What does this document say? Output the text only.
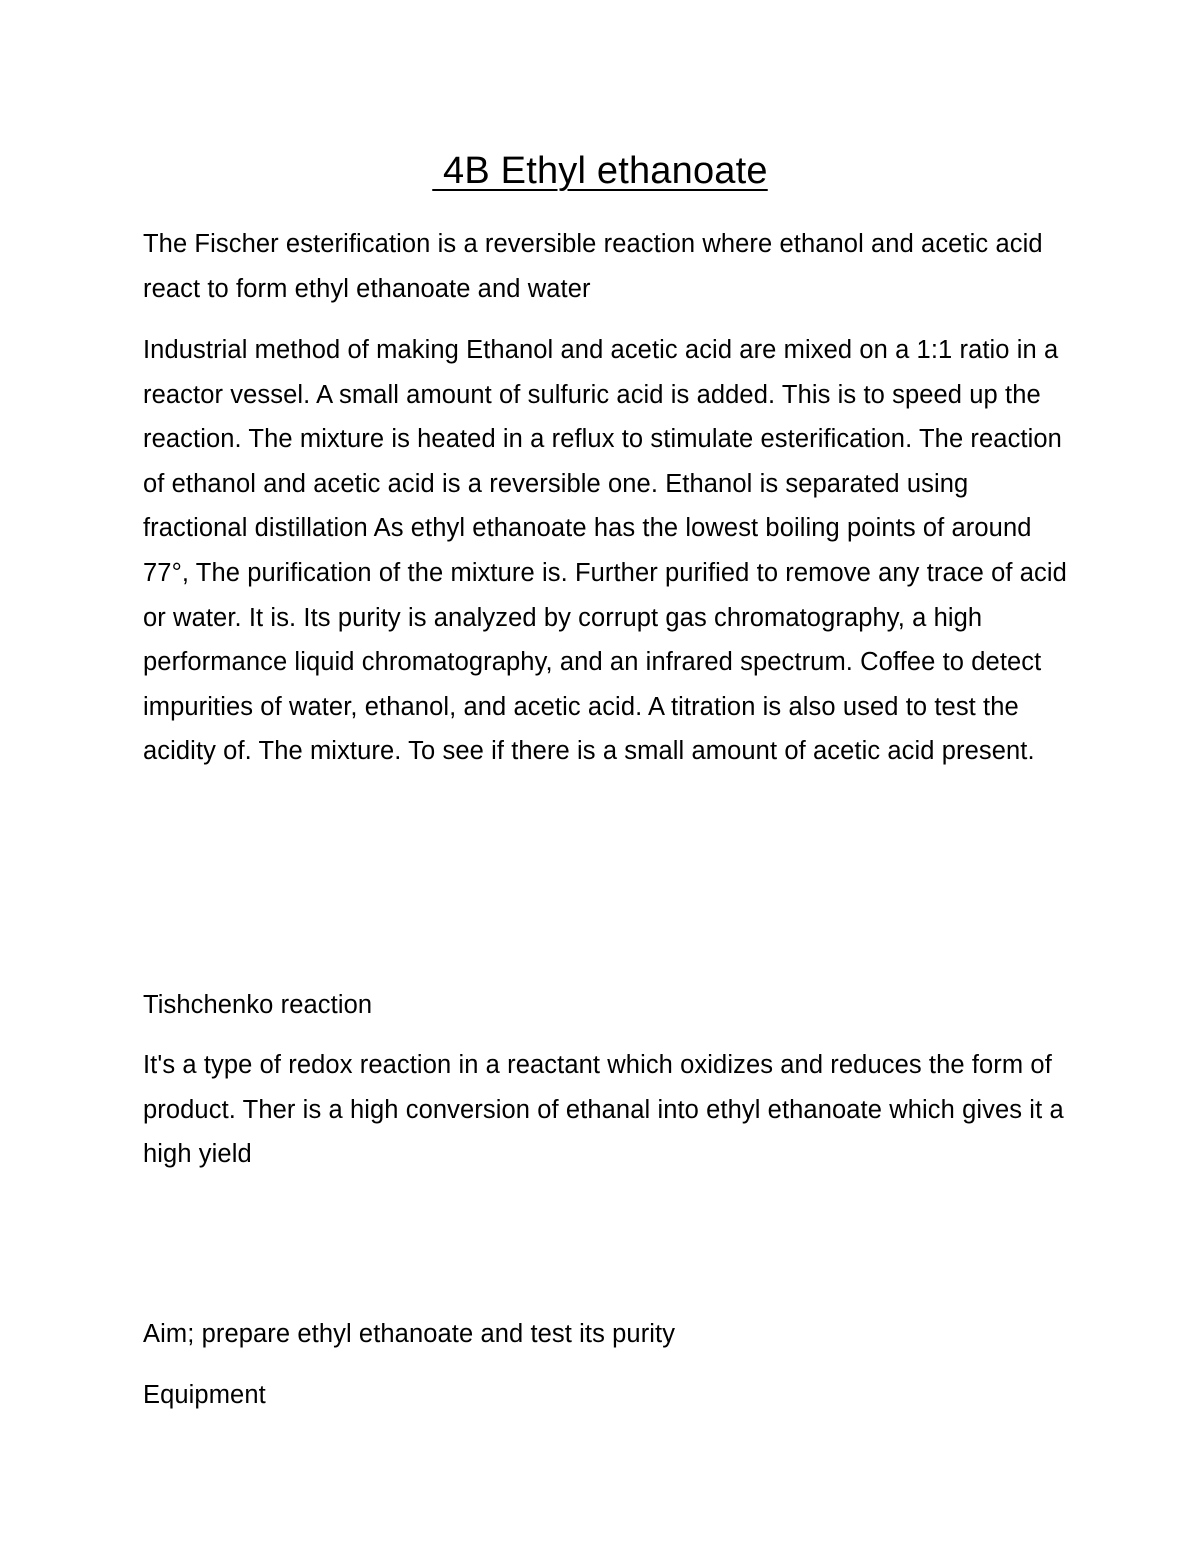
4B Ethyl ethanoate

The Fischer esterification is a reversible reaction where ethanol and acetic acid react to form ethyl ethanoate and water

Industrial method of making Ethanol and acetic acid are mixed on a 1:1 ratio in a reactor vessel. A small amount of sulfuric acid is added. This is to speed up the reaction. The mixture is heated in a reflux to stimulate esterification. The reaction of ethanol and acetic acid is a reversible one. Ethanol is separated using fractional distillation As ethyl ethanoate has the lowest boiling points of around 77°, The purification of the mixture is. Further purified to remove any trace of acid or water. It is. Its purity is analyzed by corrupt gas chromatography, a high performance liquid chromatography, and an infrared spectrum. Coffee to detect impurities of water, ethanol, and acetic acid. A titration is also used to test the acidity of. The mixture. To see if there is a small amount of acetic acid present.

Tishchenko reaction

It's a type of redox reaction in a reactant which oxidizes and reduces the form of product. Ther is a high conversion of ethanal into ethyl ethanoate which gives it a high yield

Aim; prepare ethyl ethanoate and test its purity

Equipment
